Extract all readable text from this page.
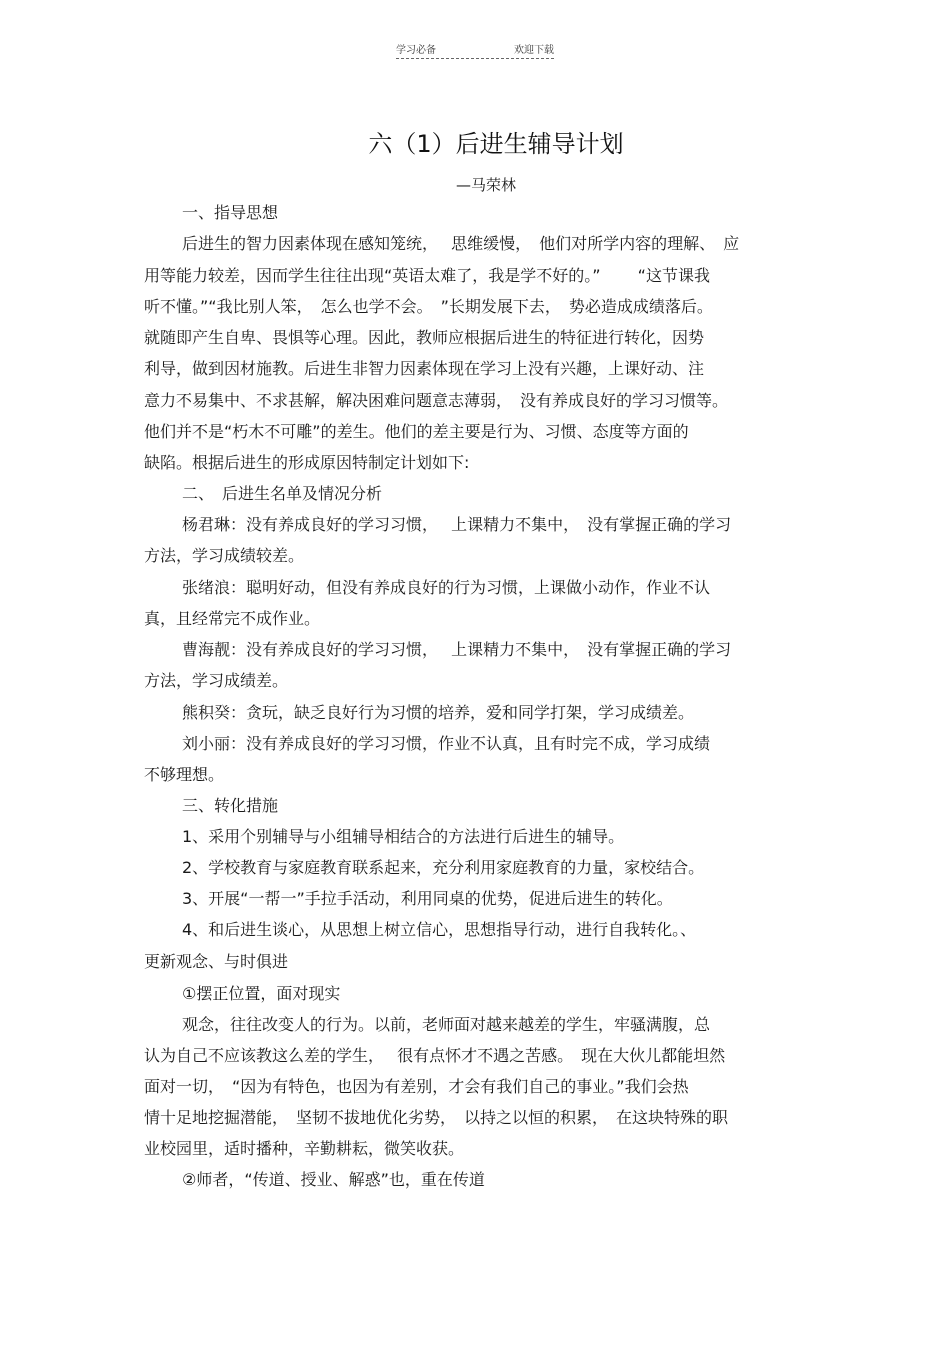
学习必备	欢迎下载
六（1）后进生辅导计划
—马荣林
一、指导思想
后进生的智力因素体现在感知笼统，　 思维缓慢，　他们对所学内容的理解、　应
用等能力较差，因而学生往往出现“英语太难了，我是学不好的。”　　 “这节课我
听不懂。”“我比别人笨，　怎么也学不会。　”长期发展下去，　势必造成成绩落后。
就随即产生自卑、畏惧等心理。因此，教师应根据后进生的特征进行转化，因势
利导，做到因材施教。后进生非智力因素体现在学习上没有兴趣，上课好动、注
意力不易集中、不求甚解，解决困难问题意志薄弱，　没有养成良好的学习习惯等。
他们并不是“朽木不可雕”的差生。他们的差主要是行为、习惯、态度等方面的
缺陷。根据后进生的形成原因特制定计划如下:
二、　后进生名单及情况分析
杨君琳：没有养成良好的学习习惯，　 上课精力不集中，　没有掌握正确的学习
方法，学习成绩较差。
张绪浪：聪明好动，但没有养成良好的行为习惯，上课做小动作，作业不认
真，且经常完不成作业。
曹海靓：没有养成良好的学习习惯，　 上课精力不集中，　没有掌握正确的学习
方法，学习成绩差。
熊积癸：贪玩，缺乏良好行为习惯的培养，爱和同学打架，学习成绩差。
刘小丽：没有养成良好的学习习惯，作业不认真，且有时完不成，学习成绩
不够理想。
三、转化措施
1、采用个别辅导与小组辅导相结合的方法进行后进生的辅导。
2、学校教育与家庭教育联系起来，充分利用家庭教育的力量，家校结合。
3、开展“一帮一”手拉手活动，利用同桌的优势，促进后进生的转化。
4、和后进生谈心，从思想上树立信心，思想指导行动，进行自我转化。、
更新观念、与时俱进
①摆正位置，面对现实
观念，往往改变人的行为。以前，老师面对越来越差的学生，牢骚满腹，总
认为自己不应该教这么差的学生，　 很有点怀才不遇之苦感。　现在大伙儿都能坦然
面对一切，　“因为有特色，也因为有差别，才会有我们自己的事业。”我们会热
情十足地挖掘潜能，　坚韧不拔地优化劣势，　以持之以恒的积累，　在这块特殊的职
业校园里，适时播种，辛勤耕耘，微笑收获。
②师者，“传道、授业、解惑”也，重在传道
